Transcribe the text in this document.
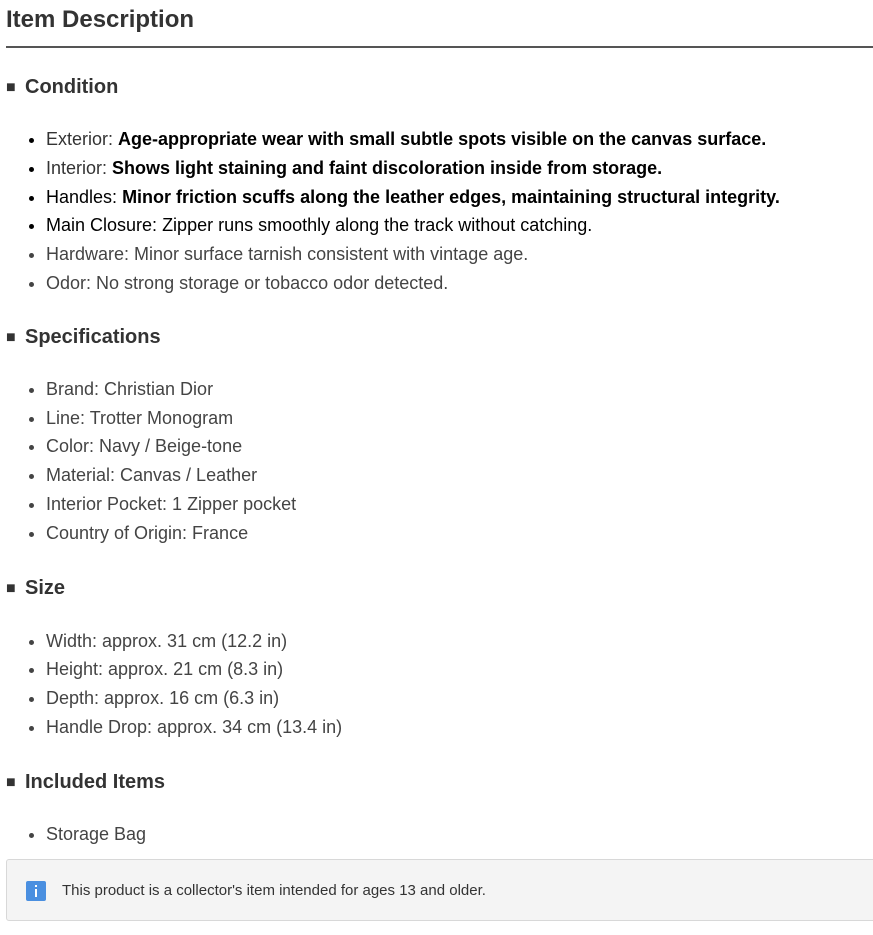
Item Description
■ Condition
• Exterior: Age-appropriate wear with small subtle spots visible on the canvas surface.
• Interior: Shows light staining and faint discoloration inside from storage.
• Handles: Minor friction scuffs along the leather edges, maintaining structural integrity.
• Main Closure: Zipper runs smoothly along the track without catching.
• Hardware: Minor surface tarnish consistent with vintage age.
• Odor: No strong storage or tobacco odor detected.
■ Specifications
• Brand: Christian Dior
• Line: Trotter Monogram
• Color: Navy / Beige-tone
• Material: Canvas / Leather
• Interior Pocket: 1 Zipper pocket
• Country of Origin: France
■ Size
• Width: approx. 31 cm (12.2 in)
• Height: approx. 21 cm (8.3 in)
• Depth: approx. 16 cm (6.3 in)
• Handle Drop: approx. 34 cm (13.4 in)
■ Included Items
• Storage Bag
This product is a collector's item intended for ages 13 and older.
